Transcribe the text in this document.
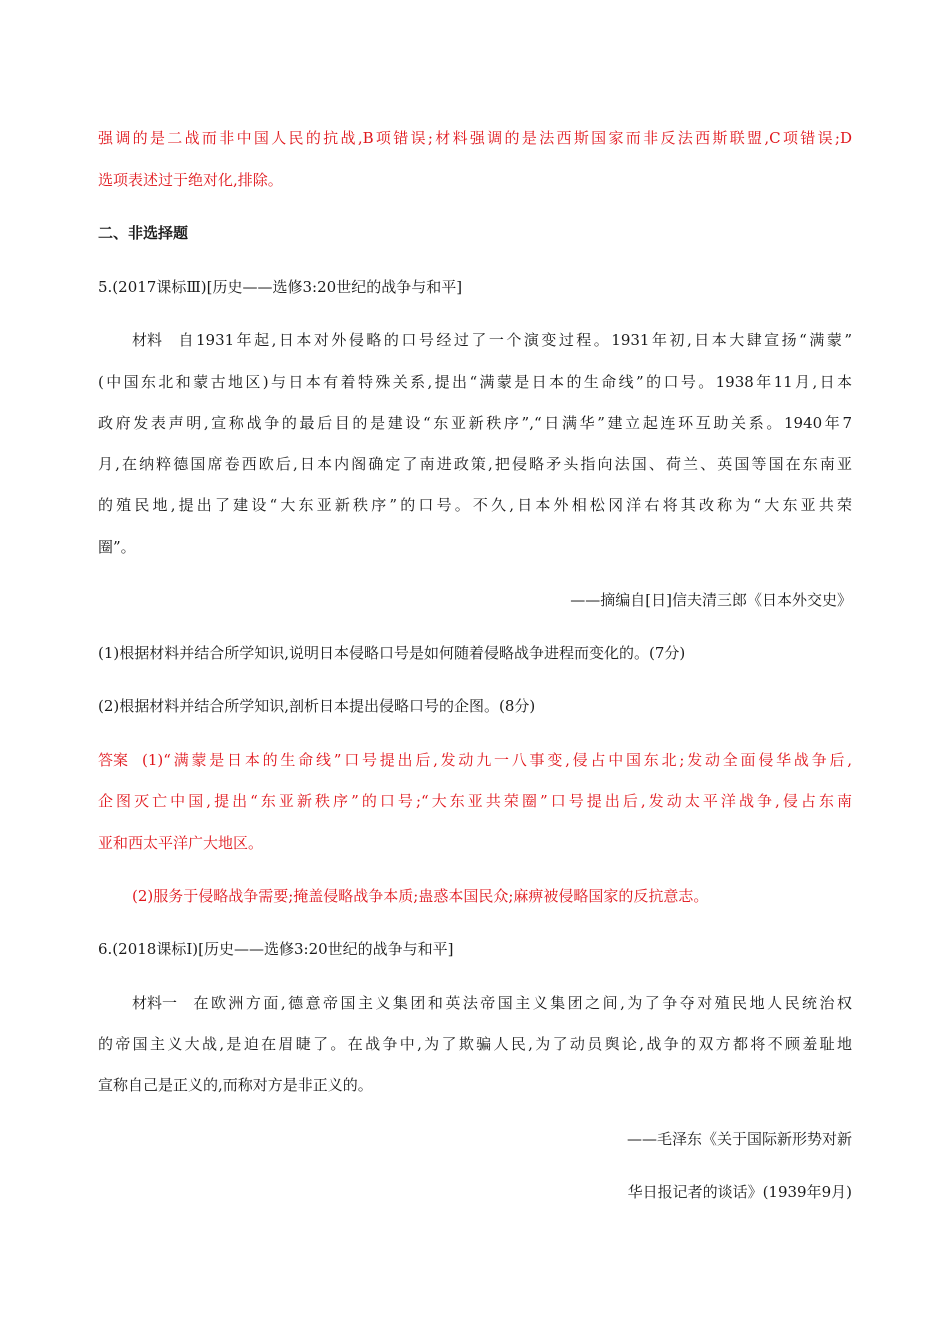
强调的是二战而非中国人民的抗战,B项错误;材料强调的是法西斯国家而非反法西斯联盟,C项错误;D
选项表述过于绝对化,排除。
二、非选择题
5.(2017课标Ⅲ)[历史——选修3:20世纪的战争与和平]
材料 自1931年起,日本对外侵略的口号经过了一个演变过程。1931年初,日本大肆宣扬“满蒙”
(中国东北和蒙古地区)与日本有着特殊关系,提出“满蒙是日本的生命线”的口号。1938年11月,日本
政府发表声明,宣称战争的最后目的是建设“东亚新秩序”,“日满华”建立起连环互助关系。1940年7
月,在纳粹德国席卷西欧后,日本内阁确定了南进政策,把侵略矛头指向法国、荷兰、英国等国在东南亚
的殖民地,提出了建设“大东亚新秩序”的口号。不久,日本外相松冈洋右将其改称为“大东亚共荣
圈”。
——摘编自[日]信夫清三郎《日本外交史》
(1)根据材料并结合所学知识,说明日本侵略口号是如何随着侵略战争进程而变化的。(7分)
(2)根据材料并结合所学知识,剖析日本提出侵略口号的企图。(8分)
答案 (1)“满蒙是日本的生命线”口号提出后,发动九一八事变,侵占中国东北;发动全面侵华战争后,
企图灭亡中国,提出“东亚新秩序”的口号;“大东亚共荣圈”口号提出后,发动太平洋战争,侵占东南
亚和西太平洋广大地区。
(2)服务于侵略战争需要;掩盖侵略战争本质;蛊惑本国民众;麻痹被侵略国家的反抗意志。
6.(2018课标Ⅰ)[历史——选修3:20世纪的战争与和平]
材料一 在欧洲方面,德意帝国主义集团和英法帝国主义集团之间,为了争夺对殖民地人民统治权
的帝国主义大战,是迫在眉睫了。在战争中,为了欺骗人民,为了动员舆论,战争的双方都将不顾羞耻地
宣称自己是正义的,而称对方是非正义的。
——毛泽东《关于国际新形势对新
华日报记者的谈话》(1939年9月)
